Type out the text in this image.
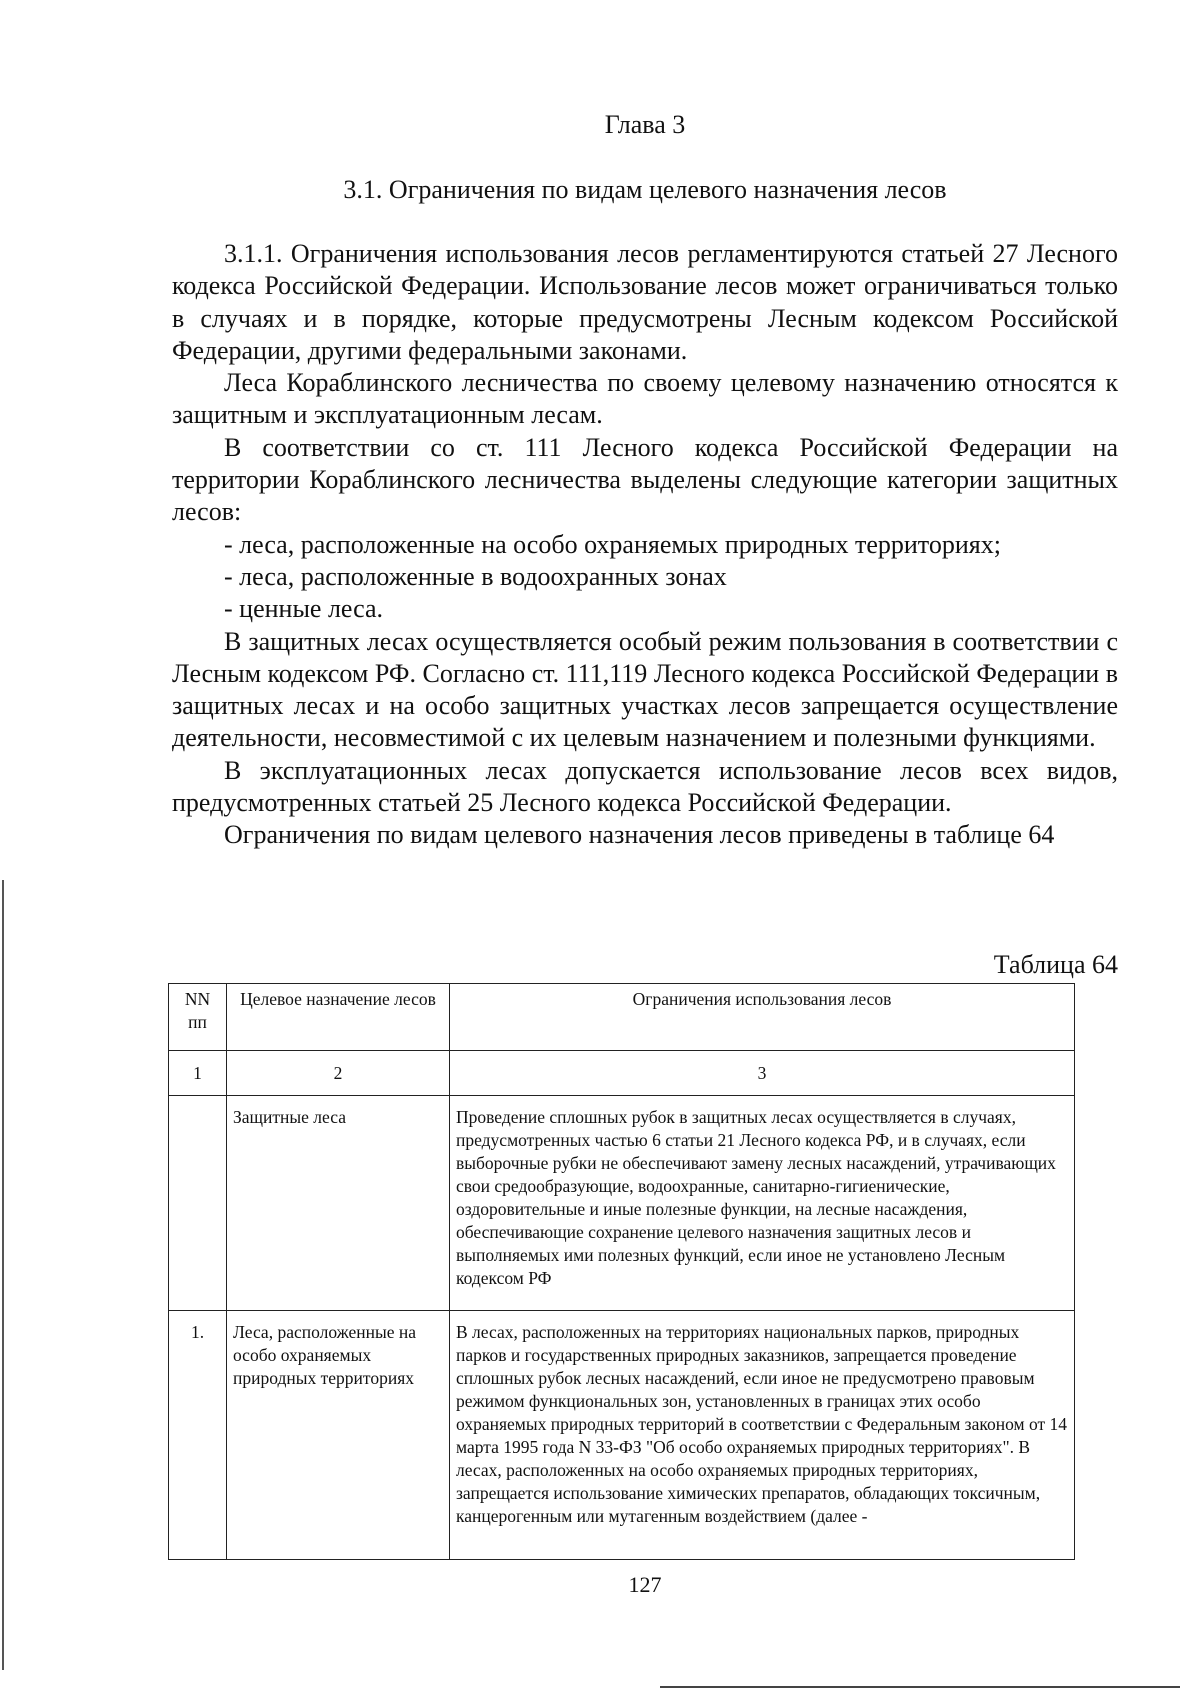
Глава 3
3.1. Ограничения по видам целевого назначения лесов

3.1.1. Ограничения использования лесов регламентируются статьей 27 Лесного кодекса Российской Федерации. Использование лесов может ограничиваться только в случаях и в порядке, которые предусмотрены Лесным кодексом Российской Федерации, другими федеральными законами.

Леса Кораблинского лесничества по своему целевому назначению относятся к защитным и эксплуатационным лесам.

В соответствии со ст. 111 Лесного кодекса Российской Федерации на территории Кораблинского лесничества выделены следующие категории защитных лесов:

- леса, расположенные на особо охраняемых природных территориях;

- леса, расположенные в водоохранных зонах

- ценные леса.

В защитных лесах осуществляется особый режим пользования в соответствии с Лесным кодексом РФ. Согласно ст. 111,119 Лесного кодекса Российской Федерации в защитных лесах и на особо защитных участках лесов запрещается осуществление деятельности, несовместимой с их целевым назначением и полезными функциями.

В эксплуатационных лесах допускается использование лесов всех видов, предусмотренных статьей 25 Лесного кодекса Российской Федерации.

Ограничения по видам целевого назначения лесов приведены в таблице 64

Таблица 64
NN пп	Целевое назначение лесов	Ограничения использования лесов
1	2	3
	Защитные леса	Проведение сплошных рубок в защитных лесах осуществляется в случаях, предусмотренных частью 6 статьи 21 Лесного кодекса РФ, и в случаях, если выборочные рубки не обеспечивают замену лесных насаждений, утрачивающих свои средообразующие, водоохранные, санитарно-гигиенические, оздоровительные и иные полезные функции, на лесные насаждения, обеспечивающие сохранение целевого назначения защитных лесов и выполняемых ими полезных функций, если иное не установлено Лесным кодексом РФ
1.	Леса, расположенные на особо охраняемых природных территориях	В лесах, расположенных на территориях национальных парков, природных парков и государственных природных заказников, запрещается проведение сплошных рубок лесных насаждений, если иное не предусмотрено правовым режимом функциональных зон, установленных в границах этих особо охраняемых природных территорий в соответствии с Федеральным законом от 14 марта 1995 года N 33-ФЗ "Об особо охраняемых природных территориях". В лесах, расположенных на особо охраняемых природных территориях, запрещается использование химических препаратов, обладающих токсичным, канцерогенным или мутагенным воздействием (далее -
127
